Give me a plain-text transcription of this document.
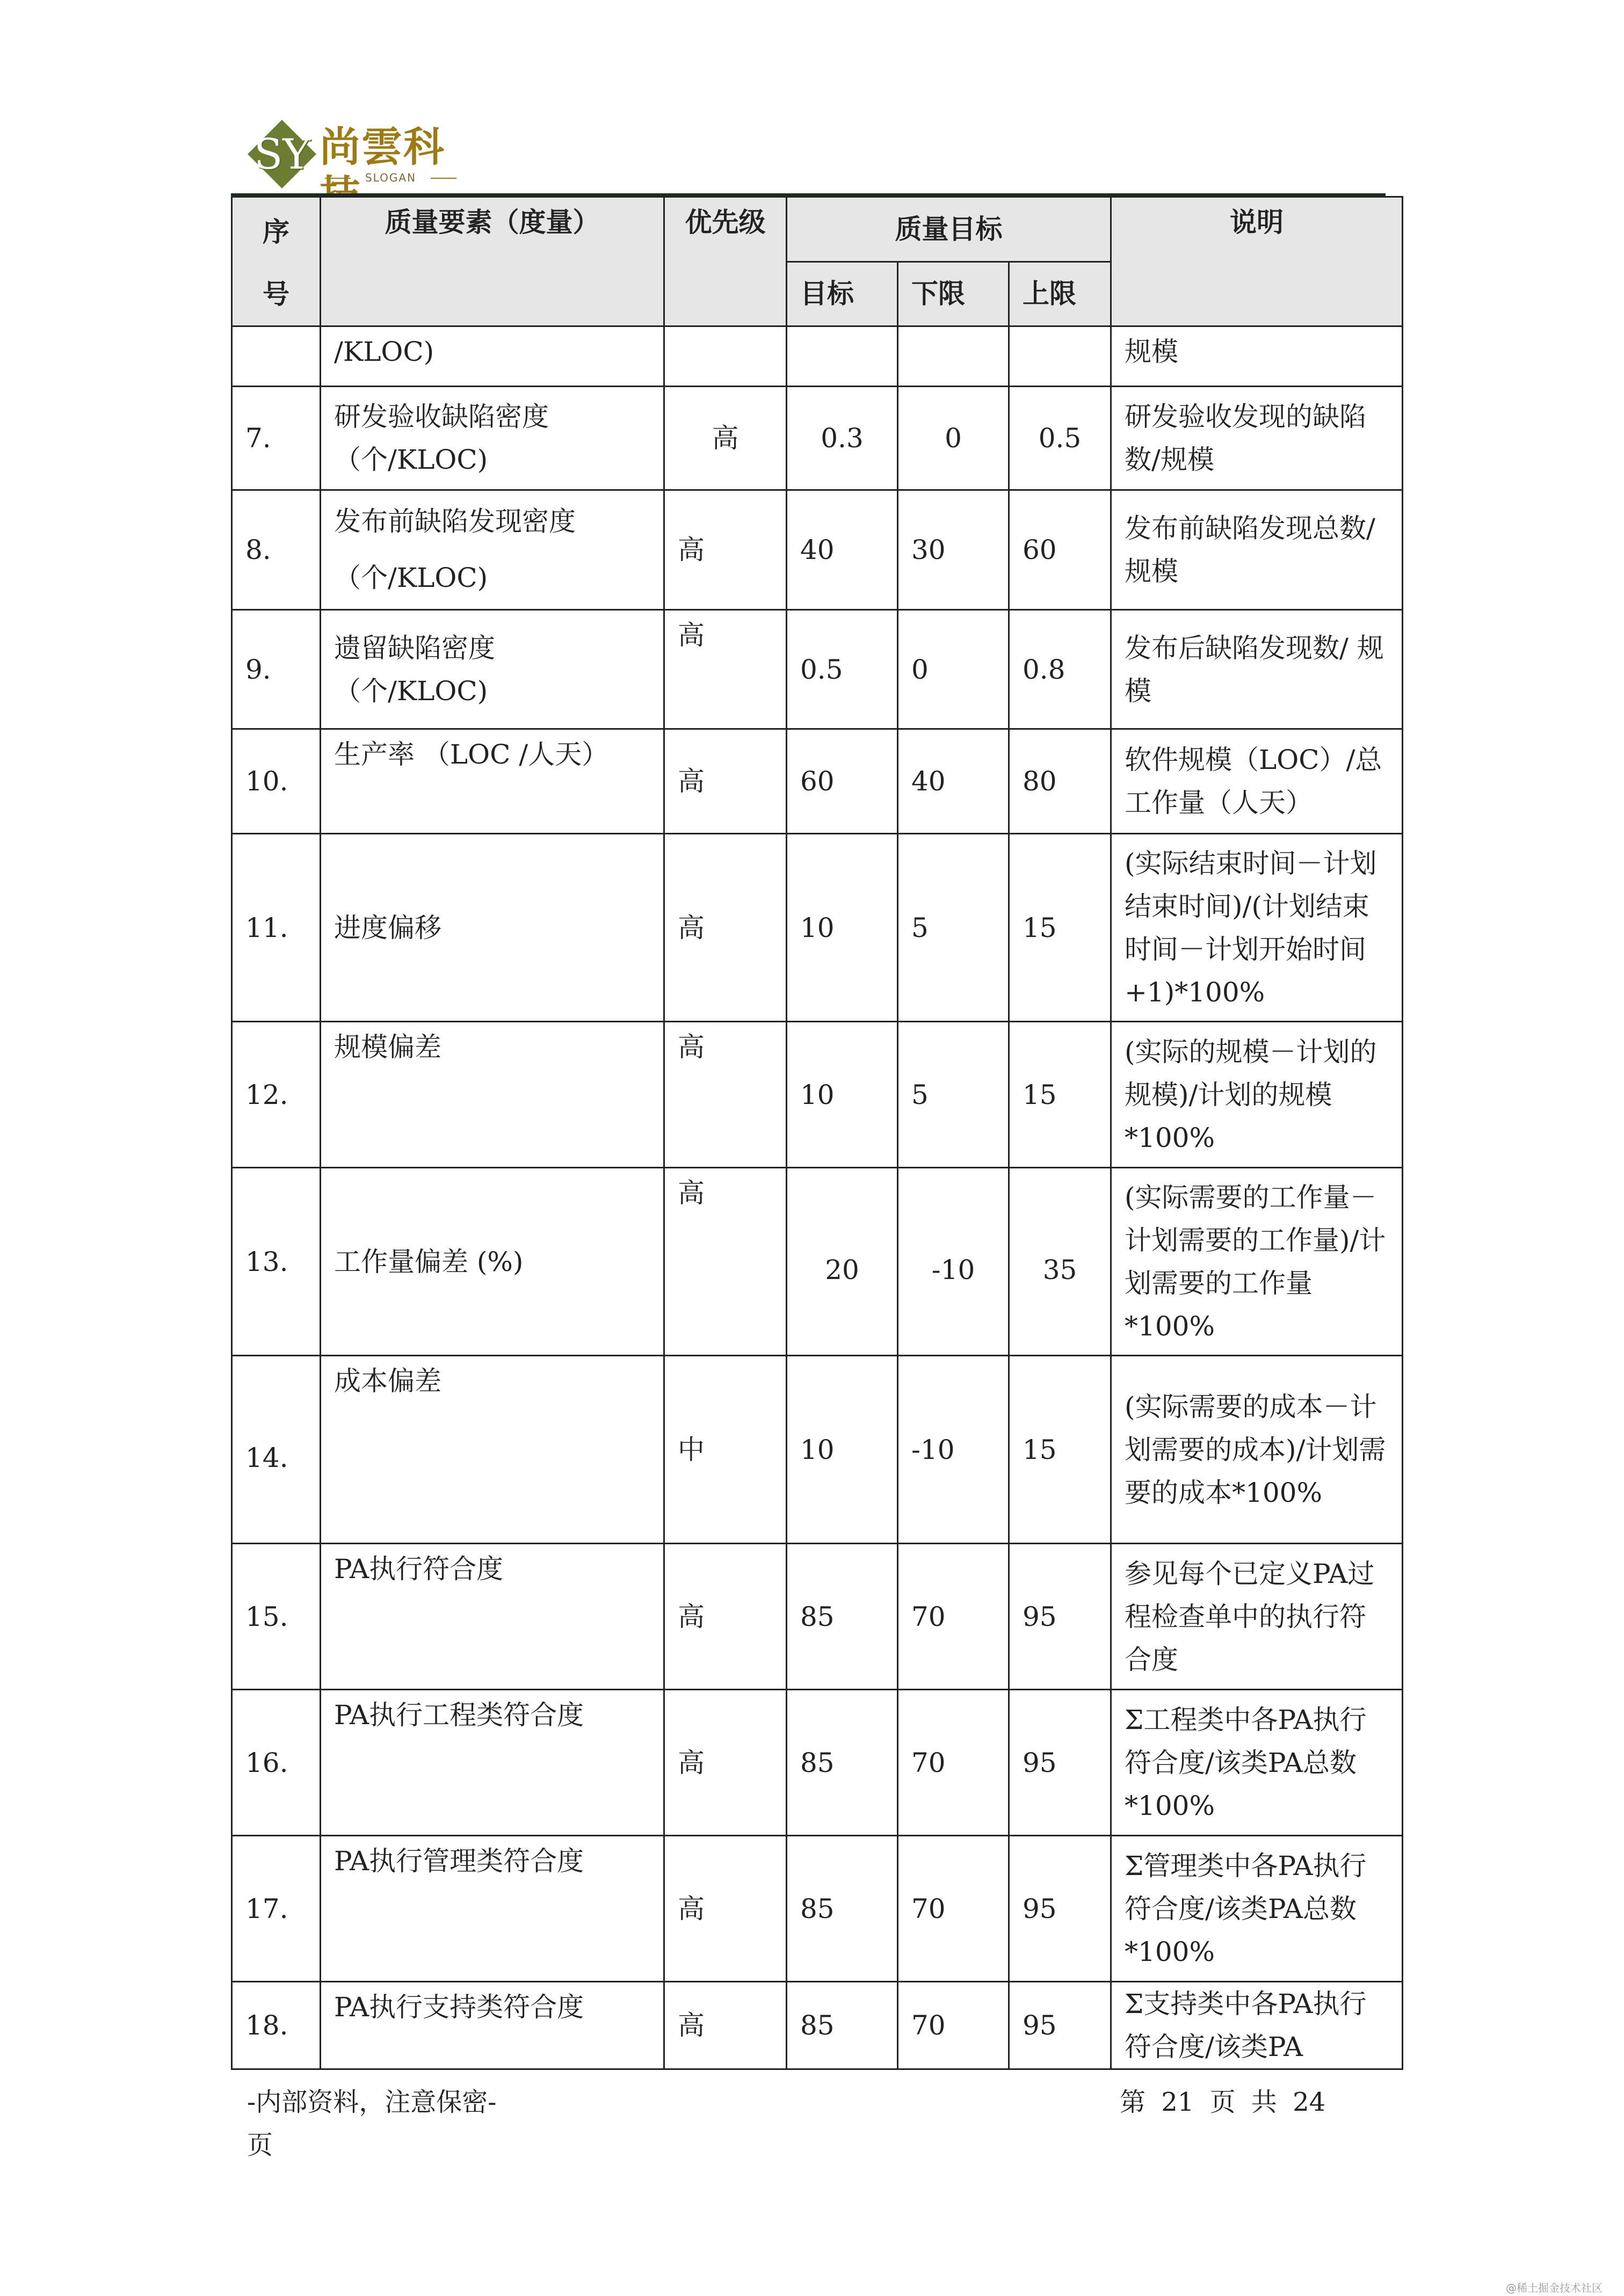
SY 尚雲科
SLOGAN
序
号	质量要素（度量）	优先级	质量目标			说明
			目标	下限	上限	
	/KLOC)					规模
7.	研发验收缺陷密度 （个/KLOC)	高	0.3	0	0.5	研发验收发现的缺陷数/规模
8.	发布前缺陷发现密度（个/KLOC)	高	40	30	60	发布前缺陷发现总数/ 规模
9.	遗留缺陷密度 （个/KLOC)	高	0.5	0	0.8	发布后缺陷发现数/ 规模
10.	生产率 （LOC /人天）	高	60	40	80	软件规模（LOC）/总工作量（人天）
11.	进度偏移	高	10	5	15	(实际结束时间－计划结束时间)/(计划结束时间－计划开始时间+1)*100%
12.	规模偏差	高	10	5	15	(实际的规模－计划的规模)/计划的规模*100%
13.	工作量偏差 (%)	高	20	-10	35	(实际需要的工作量－计划需要的工作量)/计划需要的工作量*100%
14.	成本偏差	中	10	-10	15	(实际需要的成本－计划需要的成本)/计划需要的成本*100%
15.	PA执行符合度	高	85	70	95	参见每个已定义PA过程检查单中的执行符合度
16.	PA执行工程类符合度	高	85	70	95	Σ工程类中各PA执行符合度/该类PA总数*100%
17.	PA执行管理类符合度	高	85	70	95	Σ管理类中各PA执行符合度/该类PA总数*100%
18.	PA执行支持类符合度	高	85	70	95	Σ支持类中各PA执行符合度/该类PA
-内部资料，注意保密-
页
第 21 页 共 24
@稀土掘金技术社区
